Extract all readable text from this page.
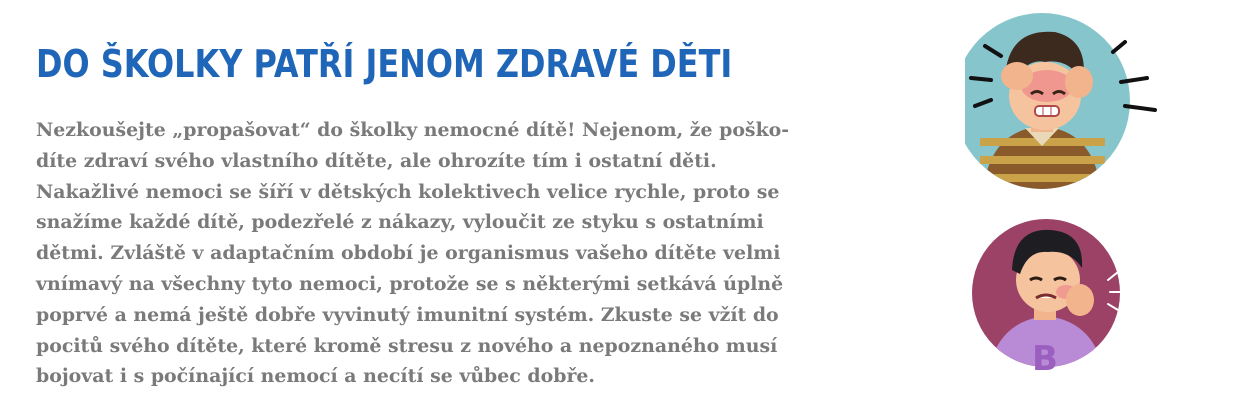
DO ŠKOLKY PATŘÍ JENOM ZDRAVÉ DĚTI

Nezkoušejte „propašovat“ do školky nemocné dítě! Nejenom, že poško-
díte zdraví svého vlastního dítěte, ale ohrozíte tím i ostatní děti.
Nakažlivé nemoci se šíří v dětských kolektivech velice rychle, proto se
snažíme každé dítě, podezřelé z nákazy, vyloučit ze styku s ostatními
dětmi. Zvláště v adaptačním období je organismus vašeho dítěte velmi
vnímavý na všechny tyto nemoci, protože se s některými setkává úplně
poprvé a nemá ještě dobře vyvinutý imunitní systém. Zkuste se vžít do
pocitů svého dítěte, které kromě stresu z nového a nepoznaného musí
bojovat i s počínající nemocí a necítí se vůbec dobře.	B
